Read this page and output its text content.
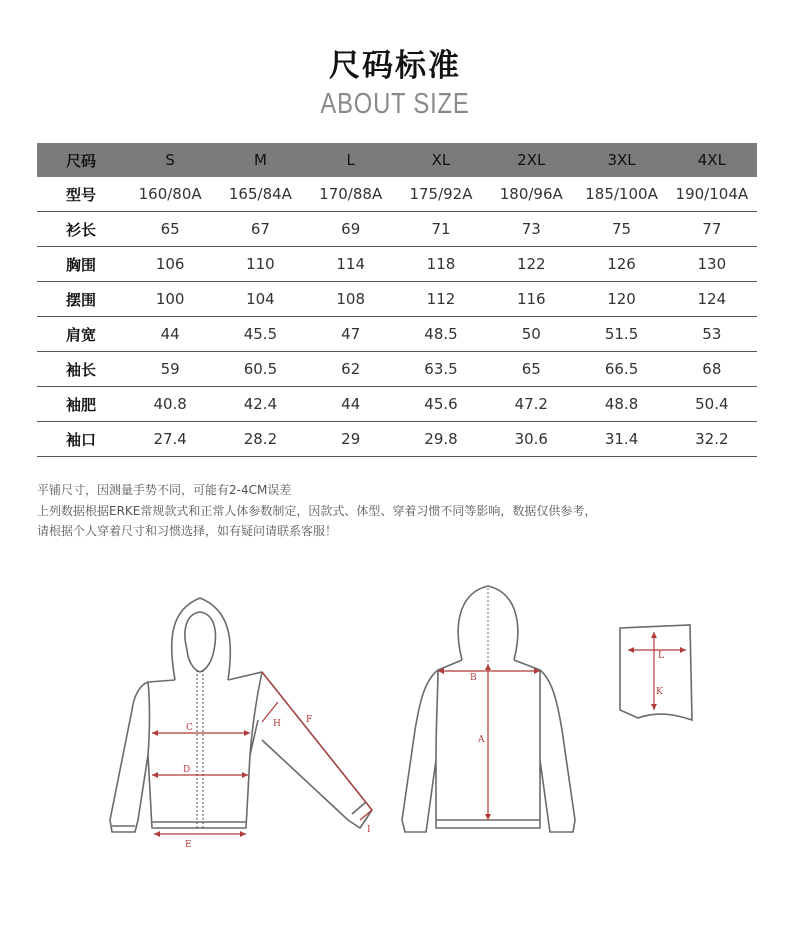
尺码标准
ABOUT SIZE
尺码	S	M	L	XL	2XL	3XL	4XL
型号	160/80A	165/84A	170/88A	175/92A	180/96A	185/100A	190/104A
衫长	65	67	69	71	73	75	77
胸围	106	110	114	118	122	126	130
摆围	100	104	108	112	116	120	124
肩宽	44	45.5	47	48.5	50	51.5	53
袖长	59	60.5	62	63.5	65	66.5	68
袖肥	40.8	42.4	44	45.6	47.2	48.8	50.4
袖口	27.4	28.2	29	29.8	30.6	31.4	32.2
平铺尺寸，因测量手势不同，可能有2-4CM误差
上列数据根据ERKE常规款式和正常人体参数制定，因款式、体型、穿着习惯不同等影响，数据仅供参考，
请根据个人穿着尺寸和习惯选择，如有疑问请联系客服！
C
D
E
F
H
I
B
A
L
K
